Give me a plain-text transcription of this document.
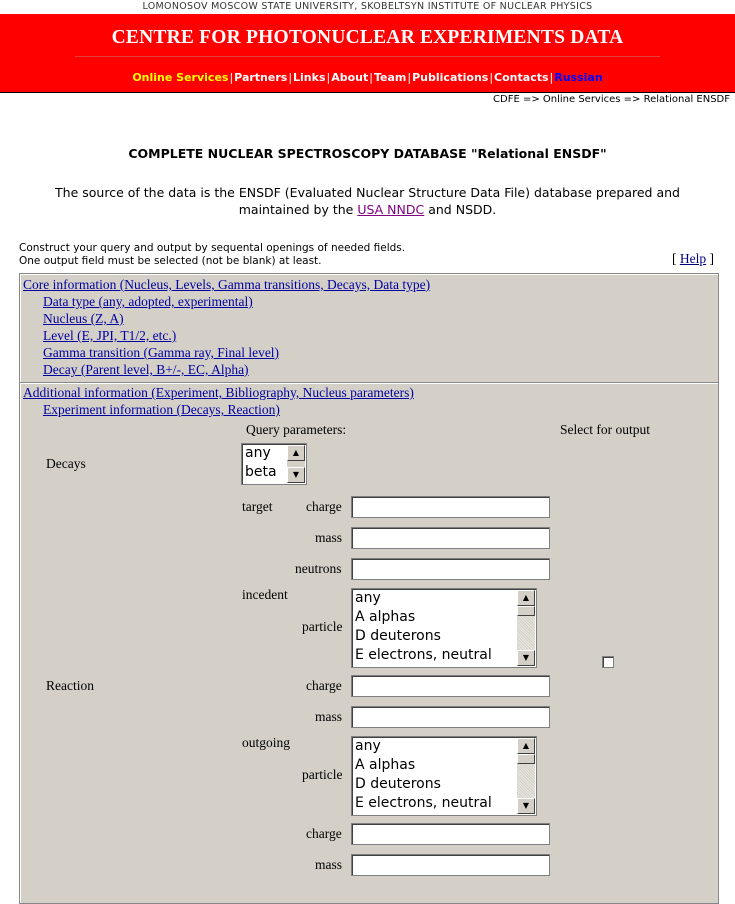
LOMONOSOV MOSCOW STATE UNIVERSITY, SKOBELTSYN INSTITUTE OF NUCLEAR PHYSICS
CENTRE FOR PHOTONUCLEAR EXPERIMENTS DATA
Online Services|Partners|Links|About|Team|Publications|Contacts|Russian
CDFE => Online Services => Relational ENSDF
COMPLETE NUCLEAR SPECTROSCOPY DATABASE "Relational ENSDF"
The source of the data is the ENSDF (Evaluated Nuclear Structure Data File) database prepared and maintained by the USA NNDC and NSDD.
Construct your query and output by sequental openings of needed fields.
One output field must be selected (not be blank) at least.	[ Help ]
Core information (Nucleus, Levels, Gamma transitions, Decays, Data type)
Data type (any, adopted, experimental)
Nucleus (Z, A)
Level (E, JPI, T1/2, etc.)
Gamma transition (Gamma ray, Final level)
Decay (Parent level, B+/-, EC, Alpha)
Additional information (Experiment, Bibliography, Nucleus parameters)
Experiment information (Decays, Reaction)
Query parameters:	Select for output
Decays
any
beta
▲
▼
target charge
mass
neutrons
incedent
particle
any
A alphas
D deuterons
E electrons, neutral
▲
▼
Reaction	charge
mass
outgoing
particle
any
A alphas
D deuterons
E electrons, neutral
▲
▼
charge
mass
